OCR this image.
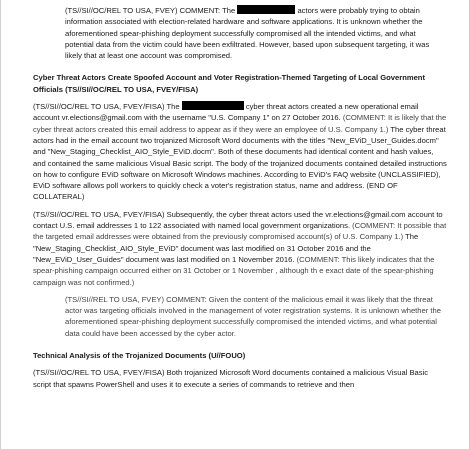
(TS//SI//OC/REL TO USA, FVEY) COMMENT: The	actors were probably trying to obtain information associated with election-related hardware and software applications. It is unknown whether the aforementioned spear-phishing deployment successfully compromised all the intended victims, and what potential data from the victim could have been exfiltrated. However, based upon subsequent targeting, it was likely that at least one account was compromised.

Cyber Threat Actors Create Spoofed Account and Voter Registration-Themed Targeting of Local Government Officials (TS//SI//OC/REL TO USA, FVEY/FISA)

(TS//SI//OC/REL TO USA, FVEY/FISA) The	cyber threat actors created a new operational email account vr.elections@gmail.com with the username "U.S. Company 1" on 27 October 2016. (COMMENT: It is likely that the cyber threat actors created this email address to appear as if they were an employee of U.S. Company 1.) The cyber threat actors had in the email account two trojanized Microsoft Word documents with the titles "New_EViD_User_Guides.docm" and "New_Staging_Checklist_AIO_Style_EViD.docm". Both of these documents had identical content and hash values, and contained the same malicious Visual Basic script. The body of the trojanized documents contained detailed instructions on how to configure EViD software on Microsoft Windows machines. According to EViD's FAQ website (UNCLASSIFIED), EViD software allows poll workers to quickly check a voter's registration status, name and address. (END OF COLLATERAL)

(TS//SI//OC/REL TO USA, FVEY/FISA) Subsequently, the cyber threat actors used the vr.elections@gmail.com account to contact U.S. email addresses 1 to 122 associated with named local government organizations. (COMMENT: It possible that the targeted email addresses were obtained from the previously compromised account(s) of U.S. Company 1.) The "New_Staging_Checklist_AIO_Style_EViD" document was last modified on 31 October 2016 and the "New_EViD_User_Guides" document was last modified on 1 November 2016. (COMMENT: This likely indicates that the spear-phishing campaign occurred either on 31 October or 1 November , although th e exact date of the spear-phishing campaign was not confirmed.)

(TS//SI//REL TO USA, FVEY) COMMENT: Given the content of the malicious email it was likely that the threat actor was targeting officials involved in the management of voter registration systems. It is unknown whether the aforementioned spear-phishing deployment successfully compromised the intended victims, and what potential data could have been accessed by the cyber actor.

Technical Analysis of the Trojanized Documents (U//FOUO)

(TS//SI//OC/REL TO USA, FVEY/FISA) Both trojanized Microsoft Word documents contained a malicious Visual Basic script that spawns PowerShell and uses it to execute a series of commands to retrieve and then
